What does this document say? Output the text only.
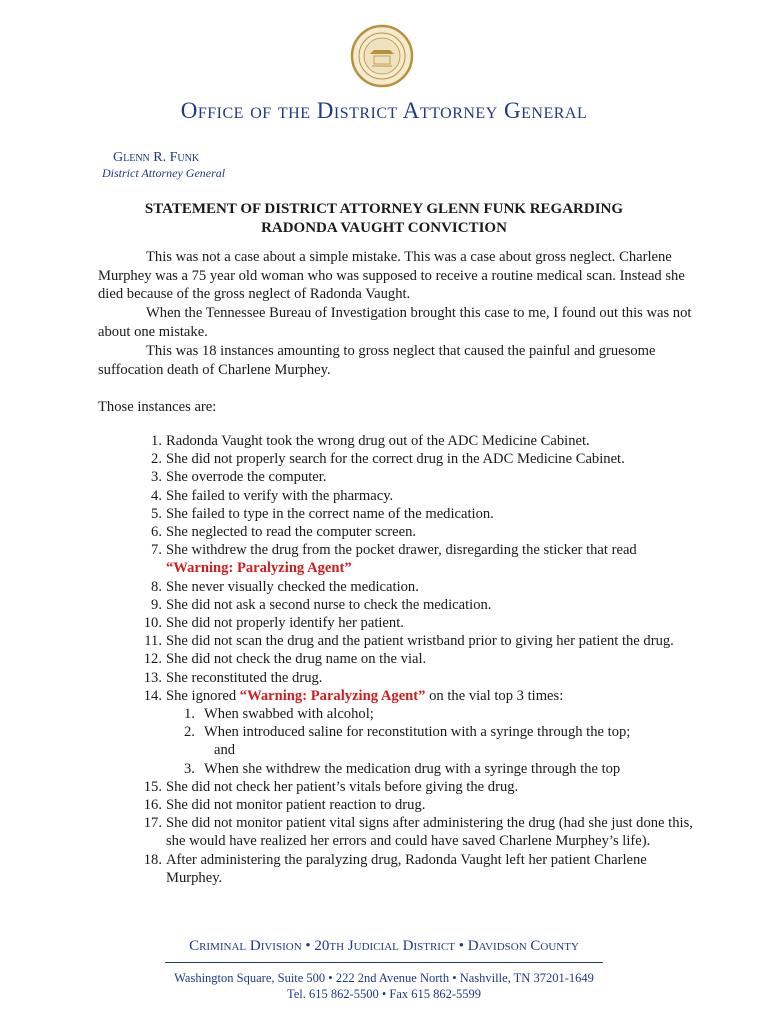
Office of the District Attorney General
Glenn R. Funk
District Attorney General
STATEMENT OF DISTRICT ATTORNEY GLENN FUNK REGARDING
RADONDA VAUGHT CONVICTION
This was not a case about a simple mistake. This was a case about gross neglect. Charlene Murphey was a 75 year old woman who was supposed to receive a routine medical scan. Instead she died because of the gross neglect of Radonda Vaught.
When the Tennessee Bureau of Investigation brought this case to me, I found out this was not about one mistake.
This was 18 instances amounting to gross neglect that caused the painful and gruesome suffocation death of Charlene Murphey.
Those instances are:
1. Radonda Vaught took the wrong drug out of the ADC Medicine Cabinet.
2. She did not properly search for the correct drug in the ADC Medicine Cabinet.
3. She overrode the computer.
4. She failed to verify with the pharmacy.
5. She failed to type in the correct name of the medication.
6. She neglected to read the computer screen.
7. She withdrew the drug from the pocket drawer, disregarding the sticker that read
“Warning: Paralyzing Agent”
8. She never visually checked the medication.
9. She did not ask a second nurse to check the medication.
10. She did not properly identify her patient.
11. She did not scan the drug and the patient wristband prior to giving her patient the drug.
12. She did not check the drug name on the vial.
13. She reconstituted the drug.
14. She ignored “Warning: Paralyzing Agent” on the vial top 3 times:
1. When swabbed with alcohol;
2. When introduced saline for reconstitution with a syringe through the top;
and
3. When she withdrew the medication drug with a syringe through the top
15. She did not check her patient’s vitals before giving the drug.
16. She did not monitor patient reaction to drug.
17. She did not monitor patient vital signs after administering the drug (had she just done this, she would have realized her errors and could have saved Charlene Murphey’s life).
18. After administering the paralyzing drug, Radonda Vaught left her patient Charlene Murphey.
Criminal Division • 20th Judicial District • Davidson County
Washington Square, Suite 500 • 222 2nd Avenue North • Nashville, TN 37201-1649
Tel. 615 862-5500 • Fax 615 862-5599
